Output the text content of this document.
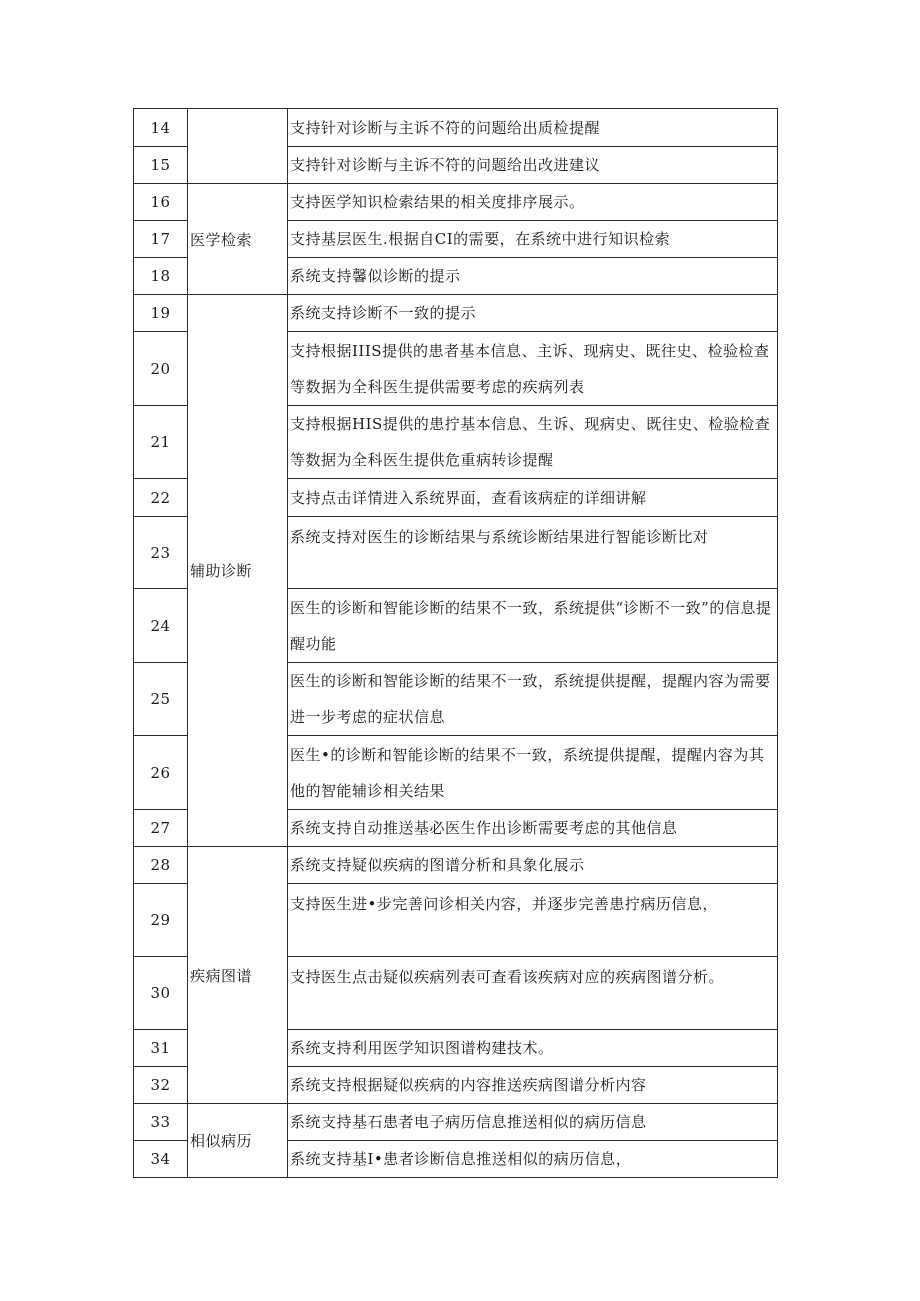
14		支持针对诊断与主诉不符的问题给出质检提醒
15		支持针对诊断与主诉不符的问题给出改进建议
16	医学检索	支持医学知识检索结果的相关度排序展示。
17		支持基层医生.根据自CI的需要，在系统中进行知识检索
18		系统支持馨似诊断的提示
19	辅助诊断	系统支持诊断不一致的提示
20		支持根据IIIS提供的患者基本信息、主诉、现病史、既往史、检验检查等数据为全科医生提供需要考虑的疾病列表
21		支持根据HIS提供的患拧基本信息、生诉、现病史、既往史、检验检查等数据为全科医生提供危重病转诊提醒
22		支持点击详情进入系统界面，查看该病症的详细讲解
23		系统支持对医生的诊断结果与系统诊断结果进行智能诊断比对
24		医生的诊断和智能诊断的结果不一致，系统提供“诊断不一致”的信息提醒功能
25		医生的诊断和智能诊断的结果不一致，系统提供提醒，提醒内容为需要进一步考虑的症状信息
26		医生•的诊断和智能诊断的结果不一致，系统提供提醒，提醒内容为其他的智能辅诊相关结果
27		系统支持自动推送基必医生作出诊断需要考虑的其他信息
28	疾病图谱	系统支持疑似疾病的图谱分析和具象化展示
29		支持医生进•步完善问诊相关内容，并逐步完善患拧病历信息，
30		支持医生点击疑似疾病列表可查看该疾病对应的疾病图谱分析。
31		系统支持利用医学知识图谱构建技术。
32		系统支持根据疑似疾病的内容推送疾病图谱分析内容
33	相似病历	系统支持基石患者电子病历信息推送相似的病历信息
34		系统支持基I•患者诊断信息推送相似的病历信息，
